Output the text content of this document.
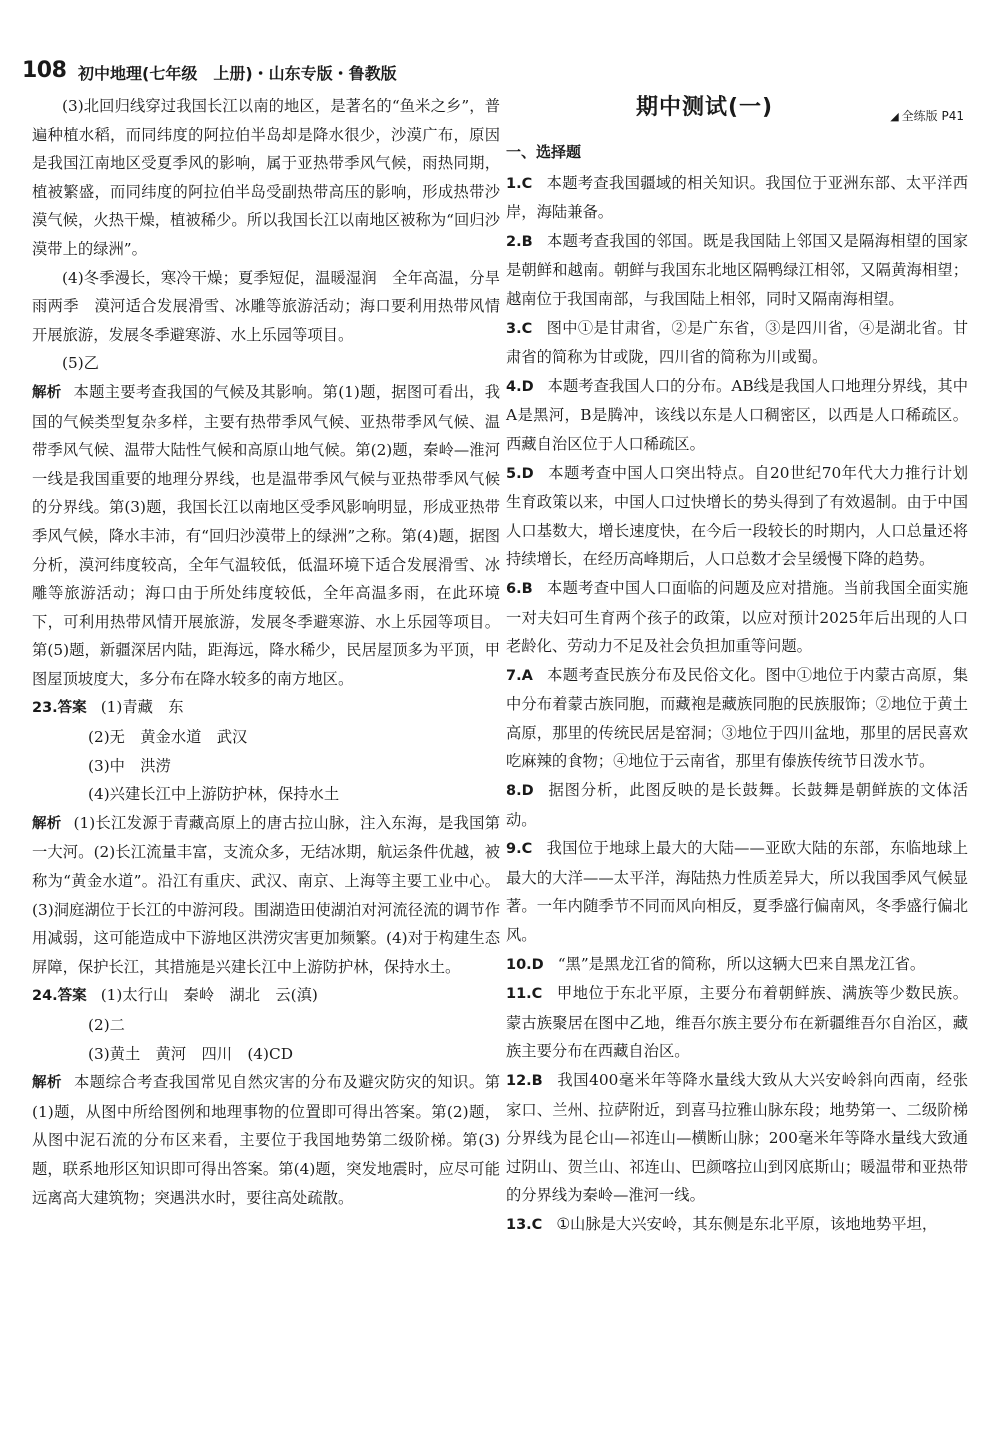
108 初中地理(七年级　上册)・山东专版・鲁教版

(3)北回归线穿过我国长江以南的地区，是著名的“鱼米之乡”，普遍种植水稻，而同纬度的阿拉伯半岛却是降水很少，沙漠广布，原因是我国江南地区受夏季风的影响，属于亚热带季风气候，雨热同期，植被繁盛，而同纬度的阿拉伯半岛受副热带高压的影响，形成热带沙漠气候，火热干燥，植被稀少。所以我国长江以南地区被称为“回归沙漠带上的绿洲”。

(4)冬季漫长，寒冷干燥；夏季短促，温暖湿润　全年高温，分旱雨两季　漠河适合发展滑雪、冰雕等旅游活动；海口要利用热带风情开展旅游，发展冬季避寒游、水上乐园等项目。

(5)乙

解析 本题主要考查我国的气候及其影响。第(1)题，据图可看出，我国的气候类型复杂多样，主要有热带季风气候、亚热带季风气候、温带季风气候、温带大陆性气候和高原山地气候。第(2)题，秦岭—淮河一线是我国重要的地理分界线，也是温带季风气候与亚热带季风气候的分界线。第(3)题，我国长江以南地区受季风影响明显，形成亚热带季风气候，降水丰沛，有“回归沙漠带上的绿洲”之称。第(4)题，据图分析，漠河纬度较高，全年气温较低，低温环境下适合发展滑雪、冰雕等旅游活动；海口由于所处纬度较低，全年高温多雨，在此环境下，可利用热带风情开展旅游，发展冬季避寒游、水上乐园等项目。第(5)题，新疆深居内陆，距海远，降水稀少，民居屋顶多为平顶，甲图屋顶坡度大，多分布在降水较多的南方地区。

23.答案 (1)青藏　东

(2)无　黄金水道　武汉

(3)中　洪涝

(4)兴建长江中上游防护林，保持水土

解析 (1)长江发源于青藏高原上的唐古拉山脉，注入东海，是我国第一大河。(2)长江流量丰富，支流众多，无结冰期，航运条件优越，被称为“黄金水道”。沿江有重庆、武汉、南京、上海等主要工业中心。(3)洞庭湖位于长江的中游河段。围湖造田使湖泊对河流径流的调节作用减弱，这可能造成中下游地区洪涝灾害更加频繁。(4)对于构建生态屏障，保护长江，其措施是兴建长江中上游防护林，保持水土。

24.答案 (1)太行山　秦岭　湖北　云(滇)

(2)二

(3)黄土　黄河　四川　(4)CD

解析 本题综合考查我国常见自然灾害的分布及避灾防灾的知识。第(1)题，从图中所给图例和地理事物的位置即可得出答案。第(2)题，从图中泥石流的分布区来看，主要位于我国地势第二级阶梯。第(3)题，联系地形区知识即可得出答案。第(4)题，突发地震时，应尽可能远离高大建筑物；突遇洪水时，要往高处疏散。

期中测试(一)	◢ 全练版 P41

一、选择题

1.C 本题考查我国疆域的相关知识。我国位于亚洲东部、太平洋西岸，海陆兼备。

2.B 本题考查我国的邻国。既是我国陆上邻国又是隔海相望的国家是朝鲜和越南。朝鲜与我国东北地区隔鸭绿江相邻，又隔黄海相望；越南位于我国南部，与我国陆上相邻，同时又隔南海相望。

3.C 图中①是甘肃省，②是广东省，③是四川省，④是湖北省。甘肃省的简称为甘或陇，四川省的简称为川或蜀。

4.D 本题考查我国人口的分布。AB线是我国人口地理分界线，其中A是黑河，B是腾冲，该线以东是人口稠密区，以西是人口稀疏区。西藏自治区位于人口稀疏区。

5.D 本题考查中国人口突出特点。自20世纪70年代大力推行计划生育政策以来，中国人口过快增长的势头得到了有效遏制。由于中国人口基数大，增长速度快，在今后一段较长的时期内，人口总量还将持续增长，在经历高峰期后，人口总数才会呈缓慢下降的趋势。

6.B 本题考查中国人口面临的问题及应对措施。当前我国全面实施一对夫妇可生育两个孩子的政策，以应对预计2025年后出现的人口老龄化、劳动力不足及社会负担加重等问题。

7.A 本题考查民族分布及民俗文化。图中①地位于内蒙古高原，集中分布着蒙古族同胞，而藏袍是藏族同胞的民族服饰；②地位于黄土高原，那里的传统民居是窑洞；③地位于四川盆地，那里的居民喜欢吃麻辣的食物；④地位于云南省，那里有傣族传统节日泼水节。

8.D 据图分析，此图反映的是长鼓舞。长鼓舞是朝鲜族的文体活动。

9.C 我国位于地球上最大的大陆——亚欧大陆的东部，东临地球上最大的大洋——太平洋，海陆热力性质差异大，所以我国季风气候显著。一年内随季节不同而风向相反，夏季盛行偏南风，冬季盛行偏北风。

10.D “黑”是黑龙江省的简称，所以这辆大巴来自黑龙江省。

11.C 甲地位于东北平原，主要分布着朝鲜族、满族等少数民族。蒙古族聚居在图中乙地，维吾尔族主要分布在新疆维吾尔自治区，藏族主要分布在西藏自治区。

12.B 我国400毫米年等降水量线大致从大兴安岭斜向西南，经张家口、兰州、拉萨附近，到喜马拉雅山脉东段；地势第一、二级阶梯分界线为昆仑山—祁连山—横断山脉；200毫米年等降水量线大致通过阴山、贺兰山、祁连山、巴颜喀拉山到冈底斯山；暖温带和亚热带的分界线为秦岭—淮河一线。

13.C ①山脉是大兴安岭，其东侧是东北平原，该地地势平坦，
